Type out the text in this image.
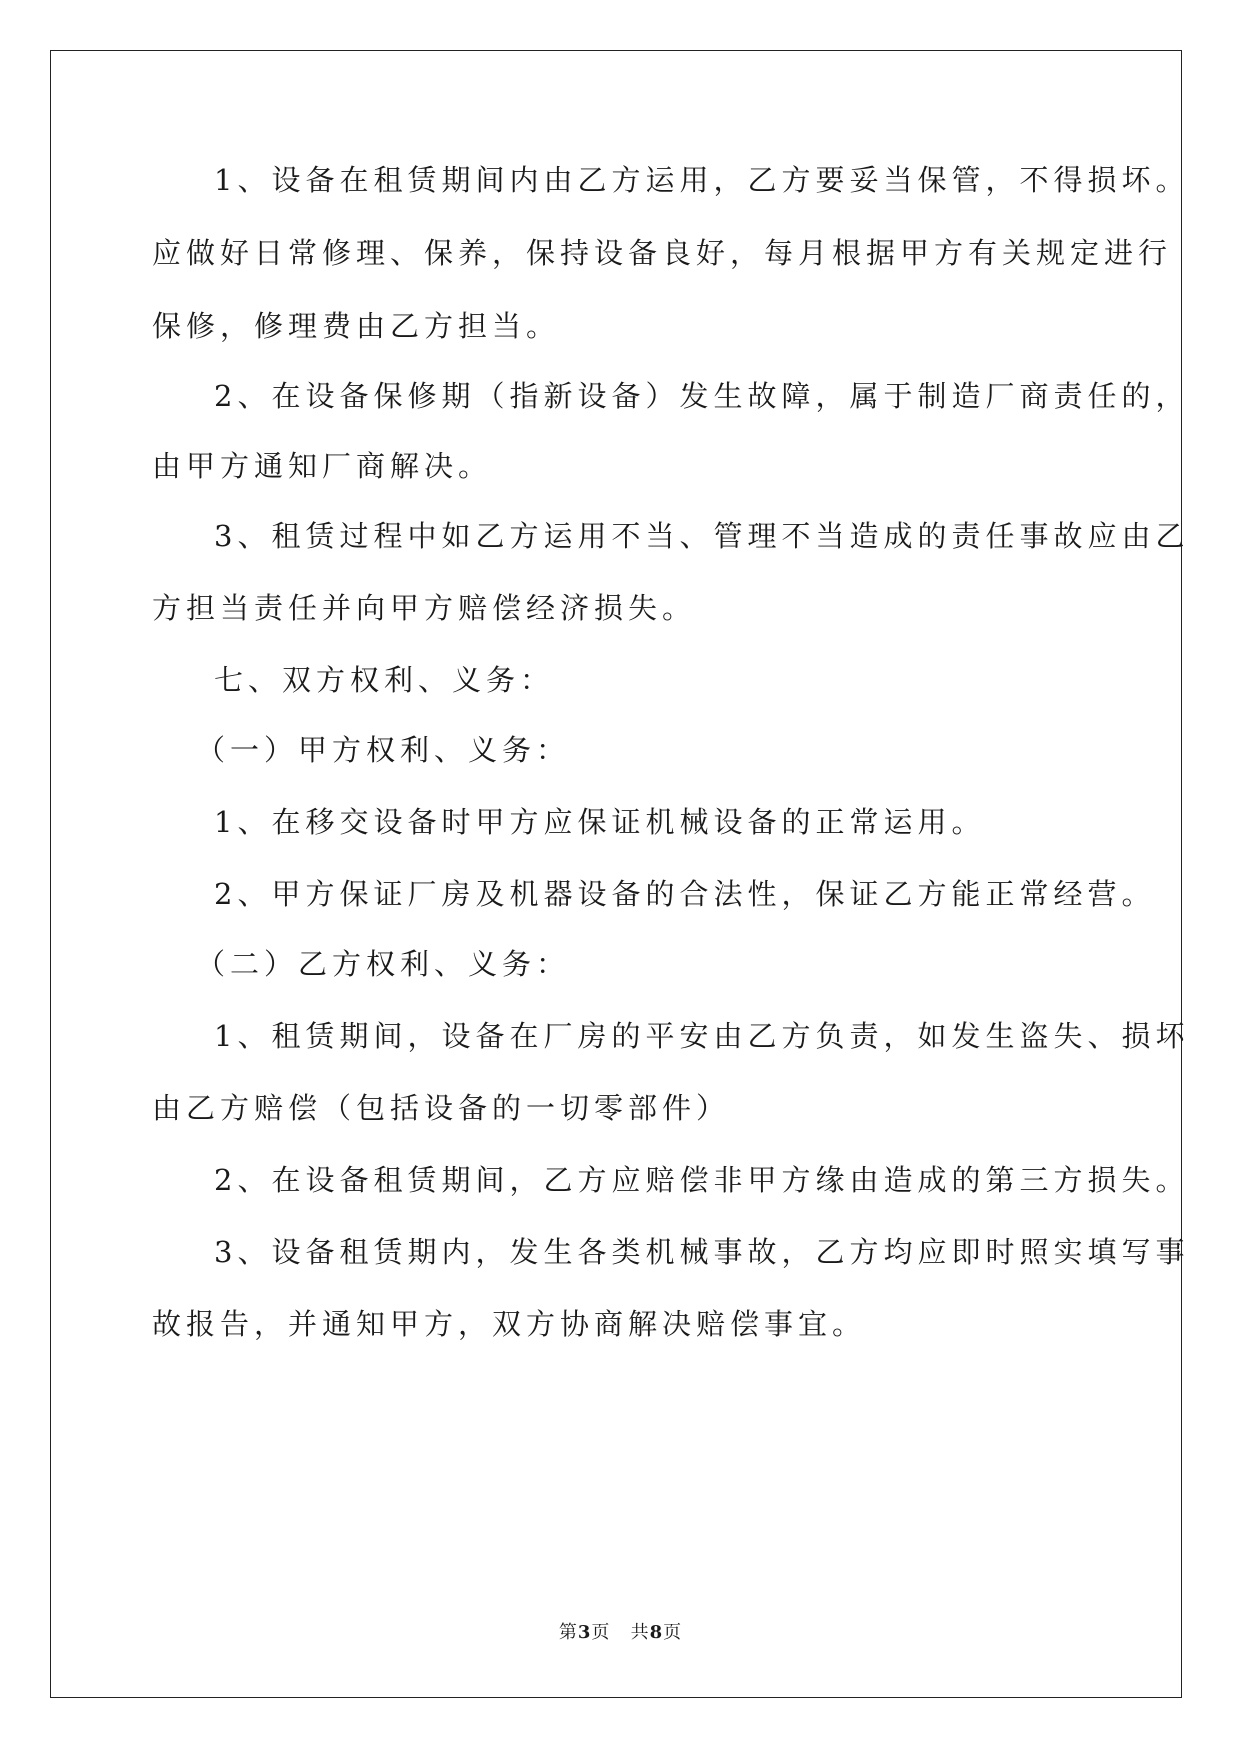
1、设备在租赁期间内由乙方运用，乙方要妥当保管，不得损坏。
应做好日常修理、保养，保持设备良好，每月根据甲方有关规定进行
保修，修理费由乙方担当。
2、在设备保修期（指新设备）发生故障，属于制造厂商责任的，
由甲方通知厂商解决。
3、租赁过程中如乙方运用不当、管理不当造成的责任事故应由乙
方担当责任并向甲方赔偿经济损失。
七、双方权利、义务：
（一）甲方权利、义务：
1、在移交设备时甲方应保证机械设备的正常运用。
2、甲方保证厂房及机器设备的合法性，保证乙方能正常经营。
（二）乙方权利、义务：
1、租赁期间，设备在厂房的平安由乙方负责，如发生盗失、损坏
由乙方赔偿（包括设备的一切零部件）
2、在设备租赁期间，乙方应赔偿非甲方缘由造成的第三方损失。
3、设备租赁期内，发生各类机械事故，乙方均应即时照实填写事
故报告，并通知甲方，双方协商解决赔偿事宜。
第3页 共8页
